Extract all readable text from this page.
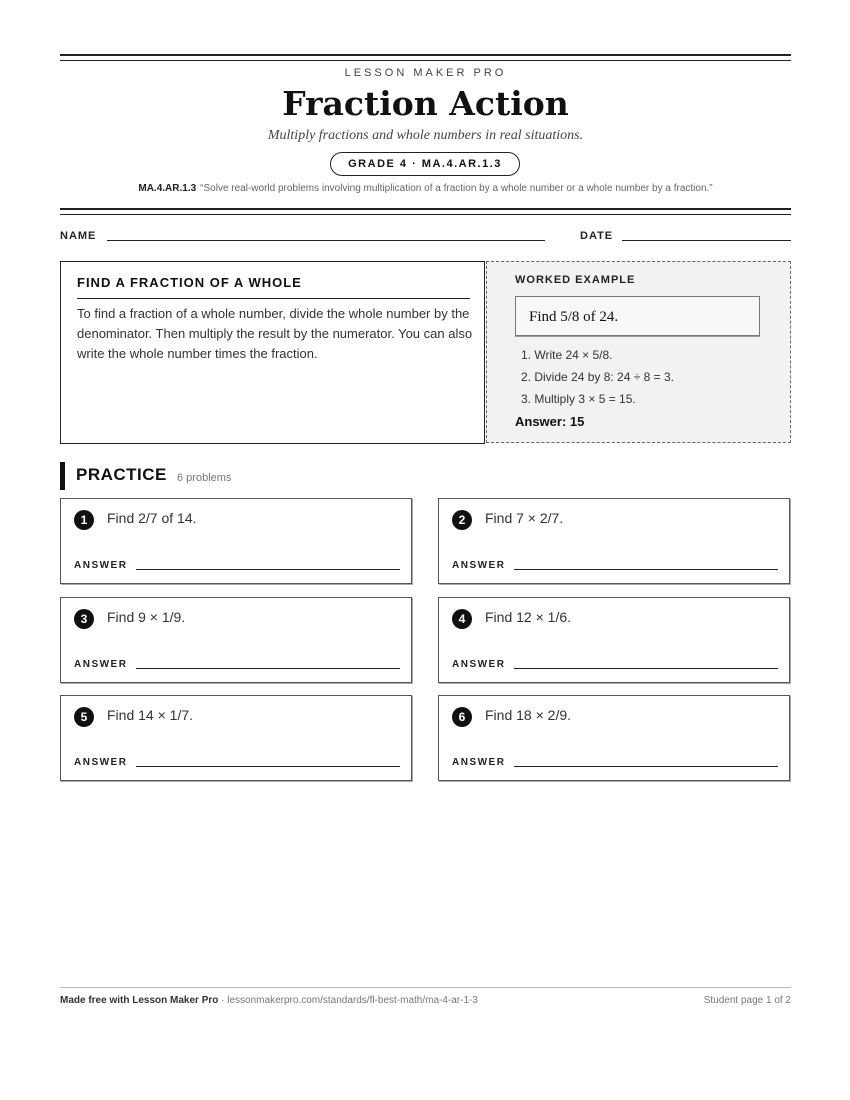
LESSON MAKER PRO
Fraction Action
Multiply fractions and whole numbers in real situations.
GRADE 4 · MA.4.AR.1.3
MA.4.AR.1.3 “Solve real-world problems involving multiplication of a fraction by a whole number or a whole number by a fraction.”
NAME	DATE
FIND A FRACTION OF A WHOLE

To find a fraction of a whole number, divide the whole number by the denominator. Then multiply the result by the numerator. You can also write the whole number times the fraction.

WORKED EXAMPLE
Find 5/8 of 24.
1. Write 24 × 5/8.
2. Divide 24 by 8: 24 ÷ 8 = 3.
3. Multiply 3 × 5 = 15.
Answer: 15
PRACTICE 6 problems
1	Find 2/7 of 14.
ANSWER
2	Find 7 × 2/7.
ANSWER
3	Find 9 × 1/9.
ANSWER
4	Find 12 × 1/6.
ANSWER
5	Find 14 × 1/7.
ANSWER
6	Find 18 × 2/9.
ANSWER
Made free with Lesson Maker Pro · lessonmakerpro.com/standards/fl-best-math/ma-4-ar-1-3	Student page 1 of 2
